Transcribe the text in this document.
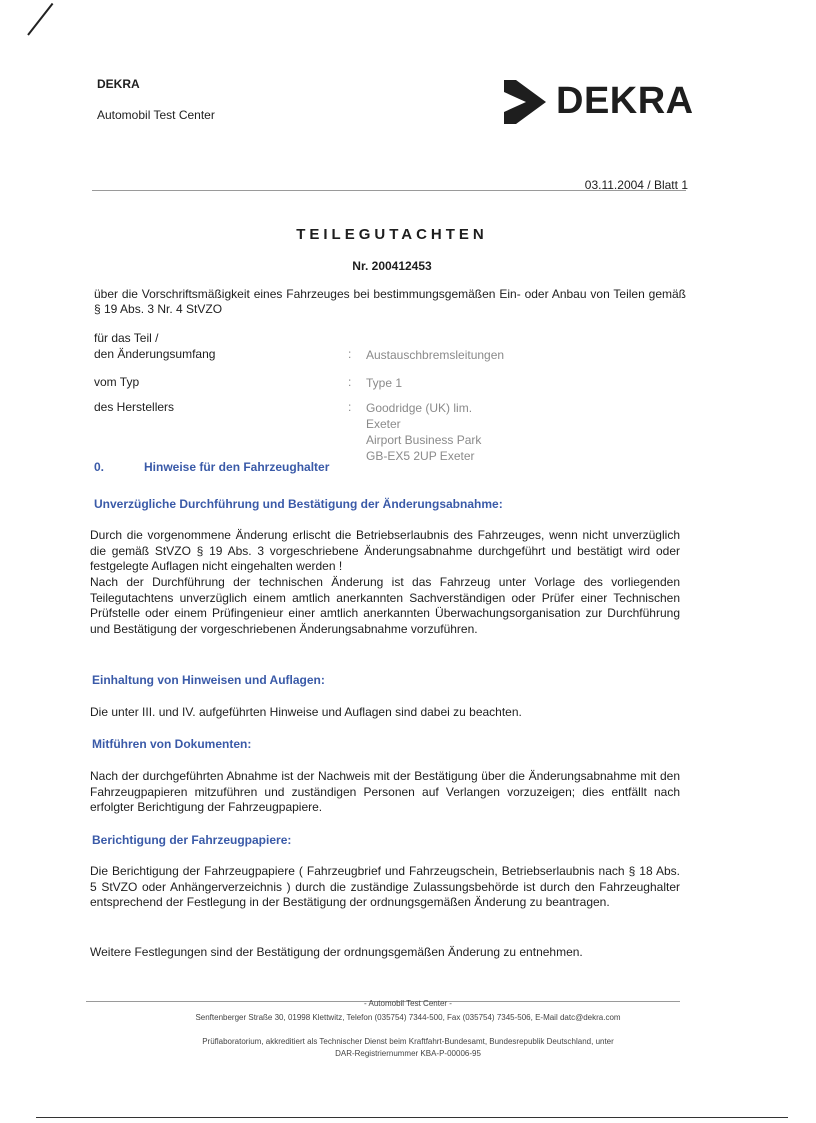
DEKRA
Automobil Test Center	DEKRA
03.11.2004 / Blatt 1
TEILEGUTACHTEN
Nr. 200412453
über die Vorschriftsmäßigkeit eines Fahrzeuges bei bestimmungsgemäßen Ein- oder Anbau von Teilen gemäß § 19 Abs. 3 Nr. 4 StVZO
für das Teil /
den Änderungsumfang	: Austauschbremsleitungen
vom Typ	: Type 1
des Herstellers	: Goodridge (UK) lim.
Exeter
Airport Business Park
GB-EX5 2UP Exeter
0.	Hinweise für den Fahrzeughalter
Unverzügliche Durchführung und Bestätigung der Änderungsabnahme:
Durch die vorgenommene Änderung erlischt die Betriebserlaubnis des Fahrzeuges, wenn nicht unverzüglich die gemäß StVZO § 19 Abs. 3 vorgeschriebene Änderungsabnahme durchgeführt und bestätigt wird oder festgelegte Auflagen nicht eingehalten werden !
Nach der Durchführung der technischen Änderung ist das Fahrzeug unter Vorlage des vorliegenden Teilegutachtens unverzüglich einem amtlich anerkannten Sachverständigen oder Prüfer einer Technischen Prüfstelle oder einem Prüfingenieur einer amtlich anerkannten Überwachungsorganisation zur Durchführung und Bestätigung der vorgeschriebenen Änderungsabnahme vorzuführen.
Einhaltung von Hinweisen und Auflagen:
Die unter III. und IV. aufgeführten Hinweise und Auflagen sind dabei zu beachten.
Mitführen von Dokumenten:
Nach der durchgeführten Abnahme ist der Nachweis mit der Bestätigung über die Änderungsabnahme mit den Fahrzeugpapieren mitzuführen und zuständigen Personen auf Verlangen vorzuzeigen; dies entfällt nach erfolgter Berichtigung der Fahrzeugpapiere.
Berichtigung der Fahrzeugpapiere:
Die Berichtigung der Fahrzeugpapiere ( Fahrzeugbrief und Fahrzeugschein, Betriebserlaubnis nach § 18 Abs. 5 StVZO oder Anhängerverzeichnis ) durch die zuständige Zulassungsbehörde ist durch den Fahrzeughalter entsprechend der Festlegung in der Bestätigung der ordnungsgemäßen Änderung zu beantragen.
Weitere Festlegungen sind der Bestätigung der ordnungsgemäßen Änderung zu entnehmen.
- Automobil Test Center -
Senftenberger Straße 30, 01998 Klettwitz, Telefon (035754) 7344-500, Fax (035754) 7345-506, E-Mail datc@dekra.com
Prüflaboratorium, akkreditiert als Technischer Dienst beim Kraftfahrt-Bundesamt, Bundesrepublik Deutschland, unter
DAR-Registriernummer KBA-P-00006-95
